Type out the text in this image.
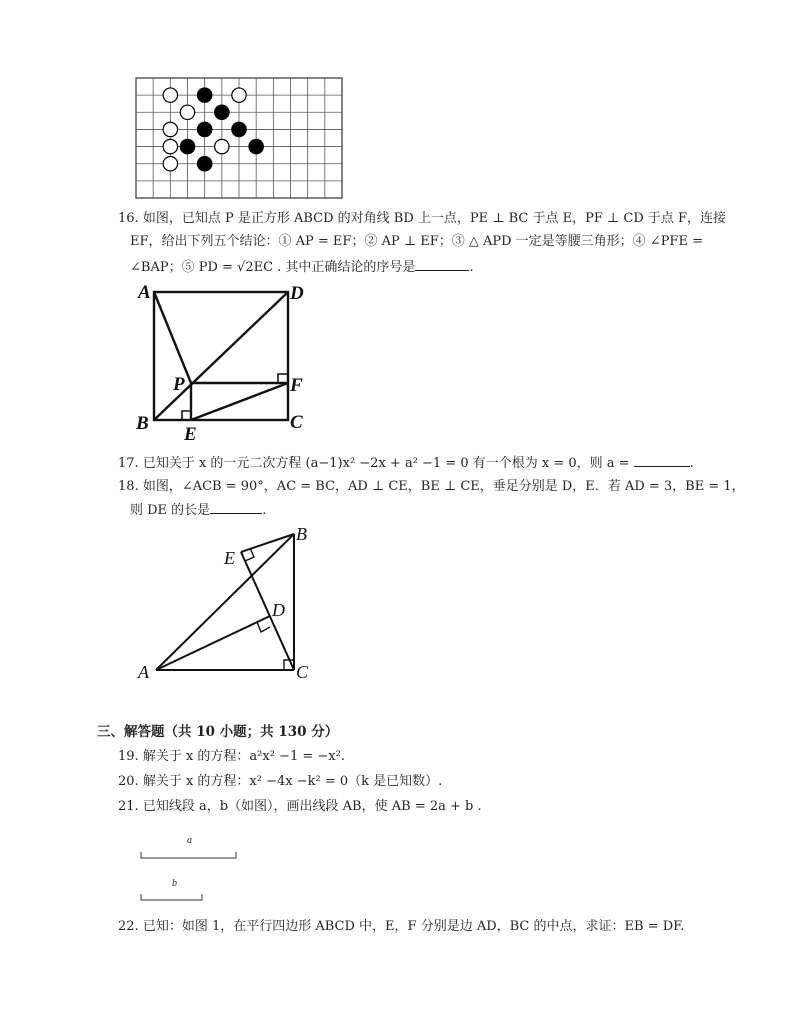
16. 如图，已知点 P 是正方形 ABCD 的对角线 BD 上一点，PE ⊥ BC 于点 E，PF ⊥ CD 于点 F，连接
EF，给出下列五个结论：① AP = EF；② AP ⊥ EF；③ △ APD 一定是等腰三角形；④ ∠PFE =
∠BAP；⑤ PD = √2EC . 其中正确结论的序号是	.
A	D
P	F
B
E
C
17. 已知关于 x 的一元二次方程 (a−1)x² −2x + a² −1 = 0 有一个根为 x = 0，则 a =	.
18. 如图，∠ACB = 90°，AC = BC，AD ⊥ CE，BE ⊥ CE，垂足分别是 D，E．若 AD = 3，BE = 1，
则 DE 的长是	.
A
B
C
D
E
三、解答题（共 10 小题；共 130 分）
19. 解关于 x 的方程：a²x² −1 = −x².
20. 解关于 x 的方程：x² −4x −k² = 0（k 是已知数）.
21. 已知线段 a，b（如图），画出线段 AB，使 AB = 2a + b .
a
b
22. 已知：如图 1，在平行四边形 ABCD 中，E，F 分别是边 AD，BC 的中点，求证：EB = DF.
